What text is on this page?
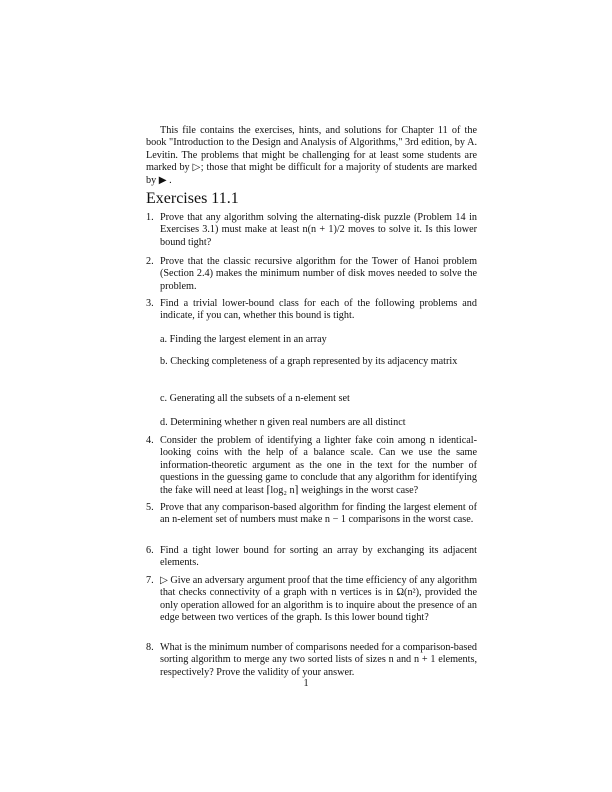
This file contains the exercises, hints, and solutions for Chapter 11 of the book "Introduction to the Design and Analysis of Algorithms," 3rd edition, by A. Levitin. The problems that might be challenging for at least some students are marked by ▷; those that might be difficult for a majority of students are marked by ▶ .

Exercises 11.1
1. Prove that any algorithm solving the alternating-disk puzzle (Problem 14 in Exercises 3.1) must make at least n(n + 1)/2 moves to solve it. Is this lower bound tight?
2. Prove that the classic recursive algorithm for the Tower of Hanoi problem (Section 2.4) makes the minimum number of disk moves needed to solve the problem.
3. Find a trivial lower-bound class for each of the following problems and indicate, if you can, whether this bound is tight.
a. Finding the largest element in an array
b. Checking completeness of a graph represented by its adjacency matrix
c. Generating all the subsets of a n-element set
d. Determining whether n given real numbers are all distinct
4. Consider the problem of identifying a lighter fake coin among n identical-looking coins with the help of a balance scale. Can we use the same information-theoretic argument as the one in the text for the number of questions in the guessing game to conclude that any algorithm for identifying the fake will need at least ⌈log₂ n⌉ weighings in the worst case?
5. Prove that any comparison-based algorithm for finding the largest element of an n-element set of numbers must make n − 1 comparisons in the worst case.
6. Find a tight lower bound for sorting an array by exchanging its adjacent elements.
7. ▷ Give an adversary argument proof that the time efficiency of any algorithm that checks connectivity of a graph with n vertices is in Ω(n²), provided the only operation allowed for an algorithm is to inquire about the presence of an edge between two vertices of the graph. Is this lower bound tight?
8. What is the minimum number of comparisons needed for a comparison-based sorting algorithm to merge any two sorted lists of sizes n and n + 1 elements, respectively? Prove the validity of your answer.
1
